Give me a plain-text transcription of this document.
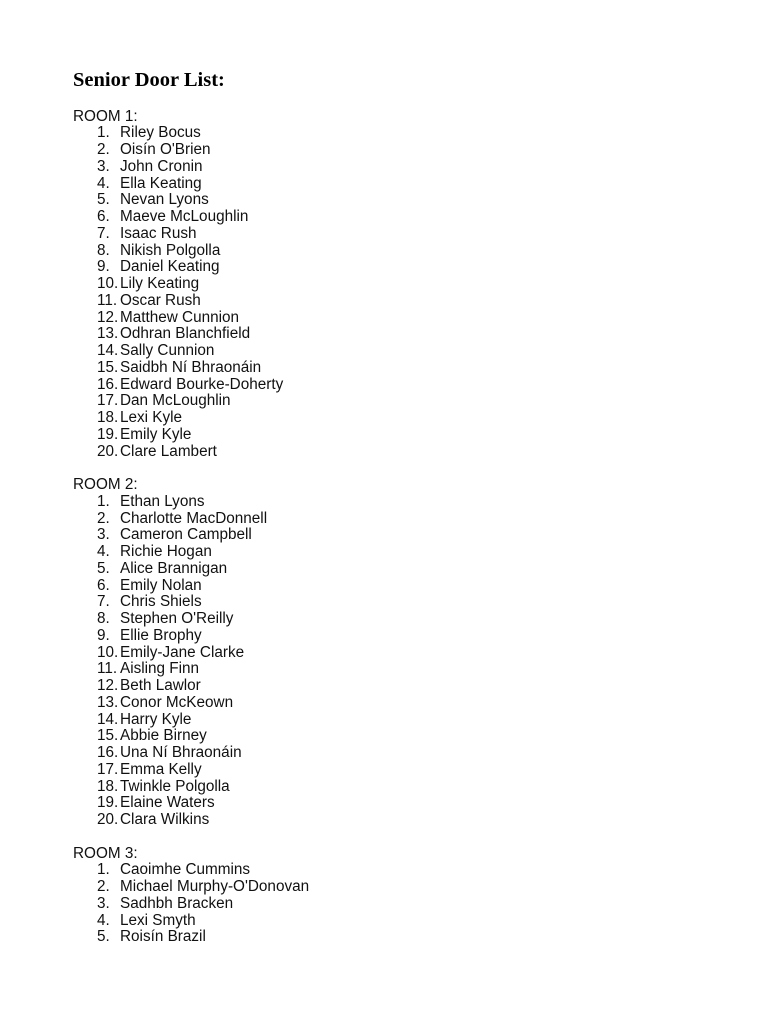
Senior Door List:
ROOM 1:
1. Riley Bocus
2. Oisín O'Brien
3. John Cronin
4. Ella Keating
5. Nevan Lyons
6. Maeve McLoughlin
7. Isaac Rush
8. Nikish Polgolla
9. Daniel Keating
10. Lily Keating
11. Oscar Rush
12. Matthew Cunnion
13. Odhran Blanchfield
14. Sally Cunnion
15. Saidbh Ní Bhraonáin
16. Edward Bourke-Doherty
17. Dan McLoughlin
18. Lexi Kyle
19. Emily Kyle
20. Clare Lambert
ROOM 2:
1. Ethan Lyons
2. Charlotte MacDonnell
3. Cameron Campbell
4. Richie Hogan
5. Alice Brannigan
6. Emily Nolan
7. Chris Shiels
8. Stephen O'Reilly
9. Ellie Brophy
10. Emily-Jane Clarke
11. Aisling Finn
12. Beth Lawlor
13. Conor McKeown
14. Harry Kyle
15. Abbie Birney
16. Una Ní Bhraonáin
17. Emma Kelly
18. Twinkle Polgolla
19. Elaine Waters
20. Clara Wilkins
ROOM 3:
1. Caoimhe Cummins
2. Michael Murphy-O'Donovan
3. Sadhbh Bracken
4. Lexi Smyth
5. Roisín Brazil
